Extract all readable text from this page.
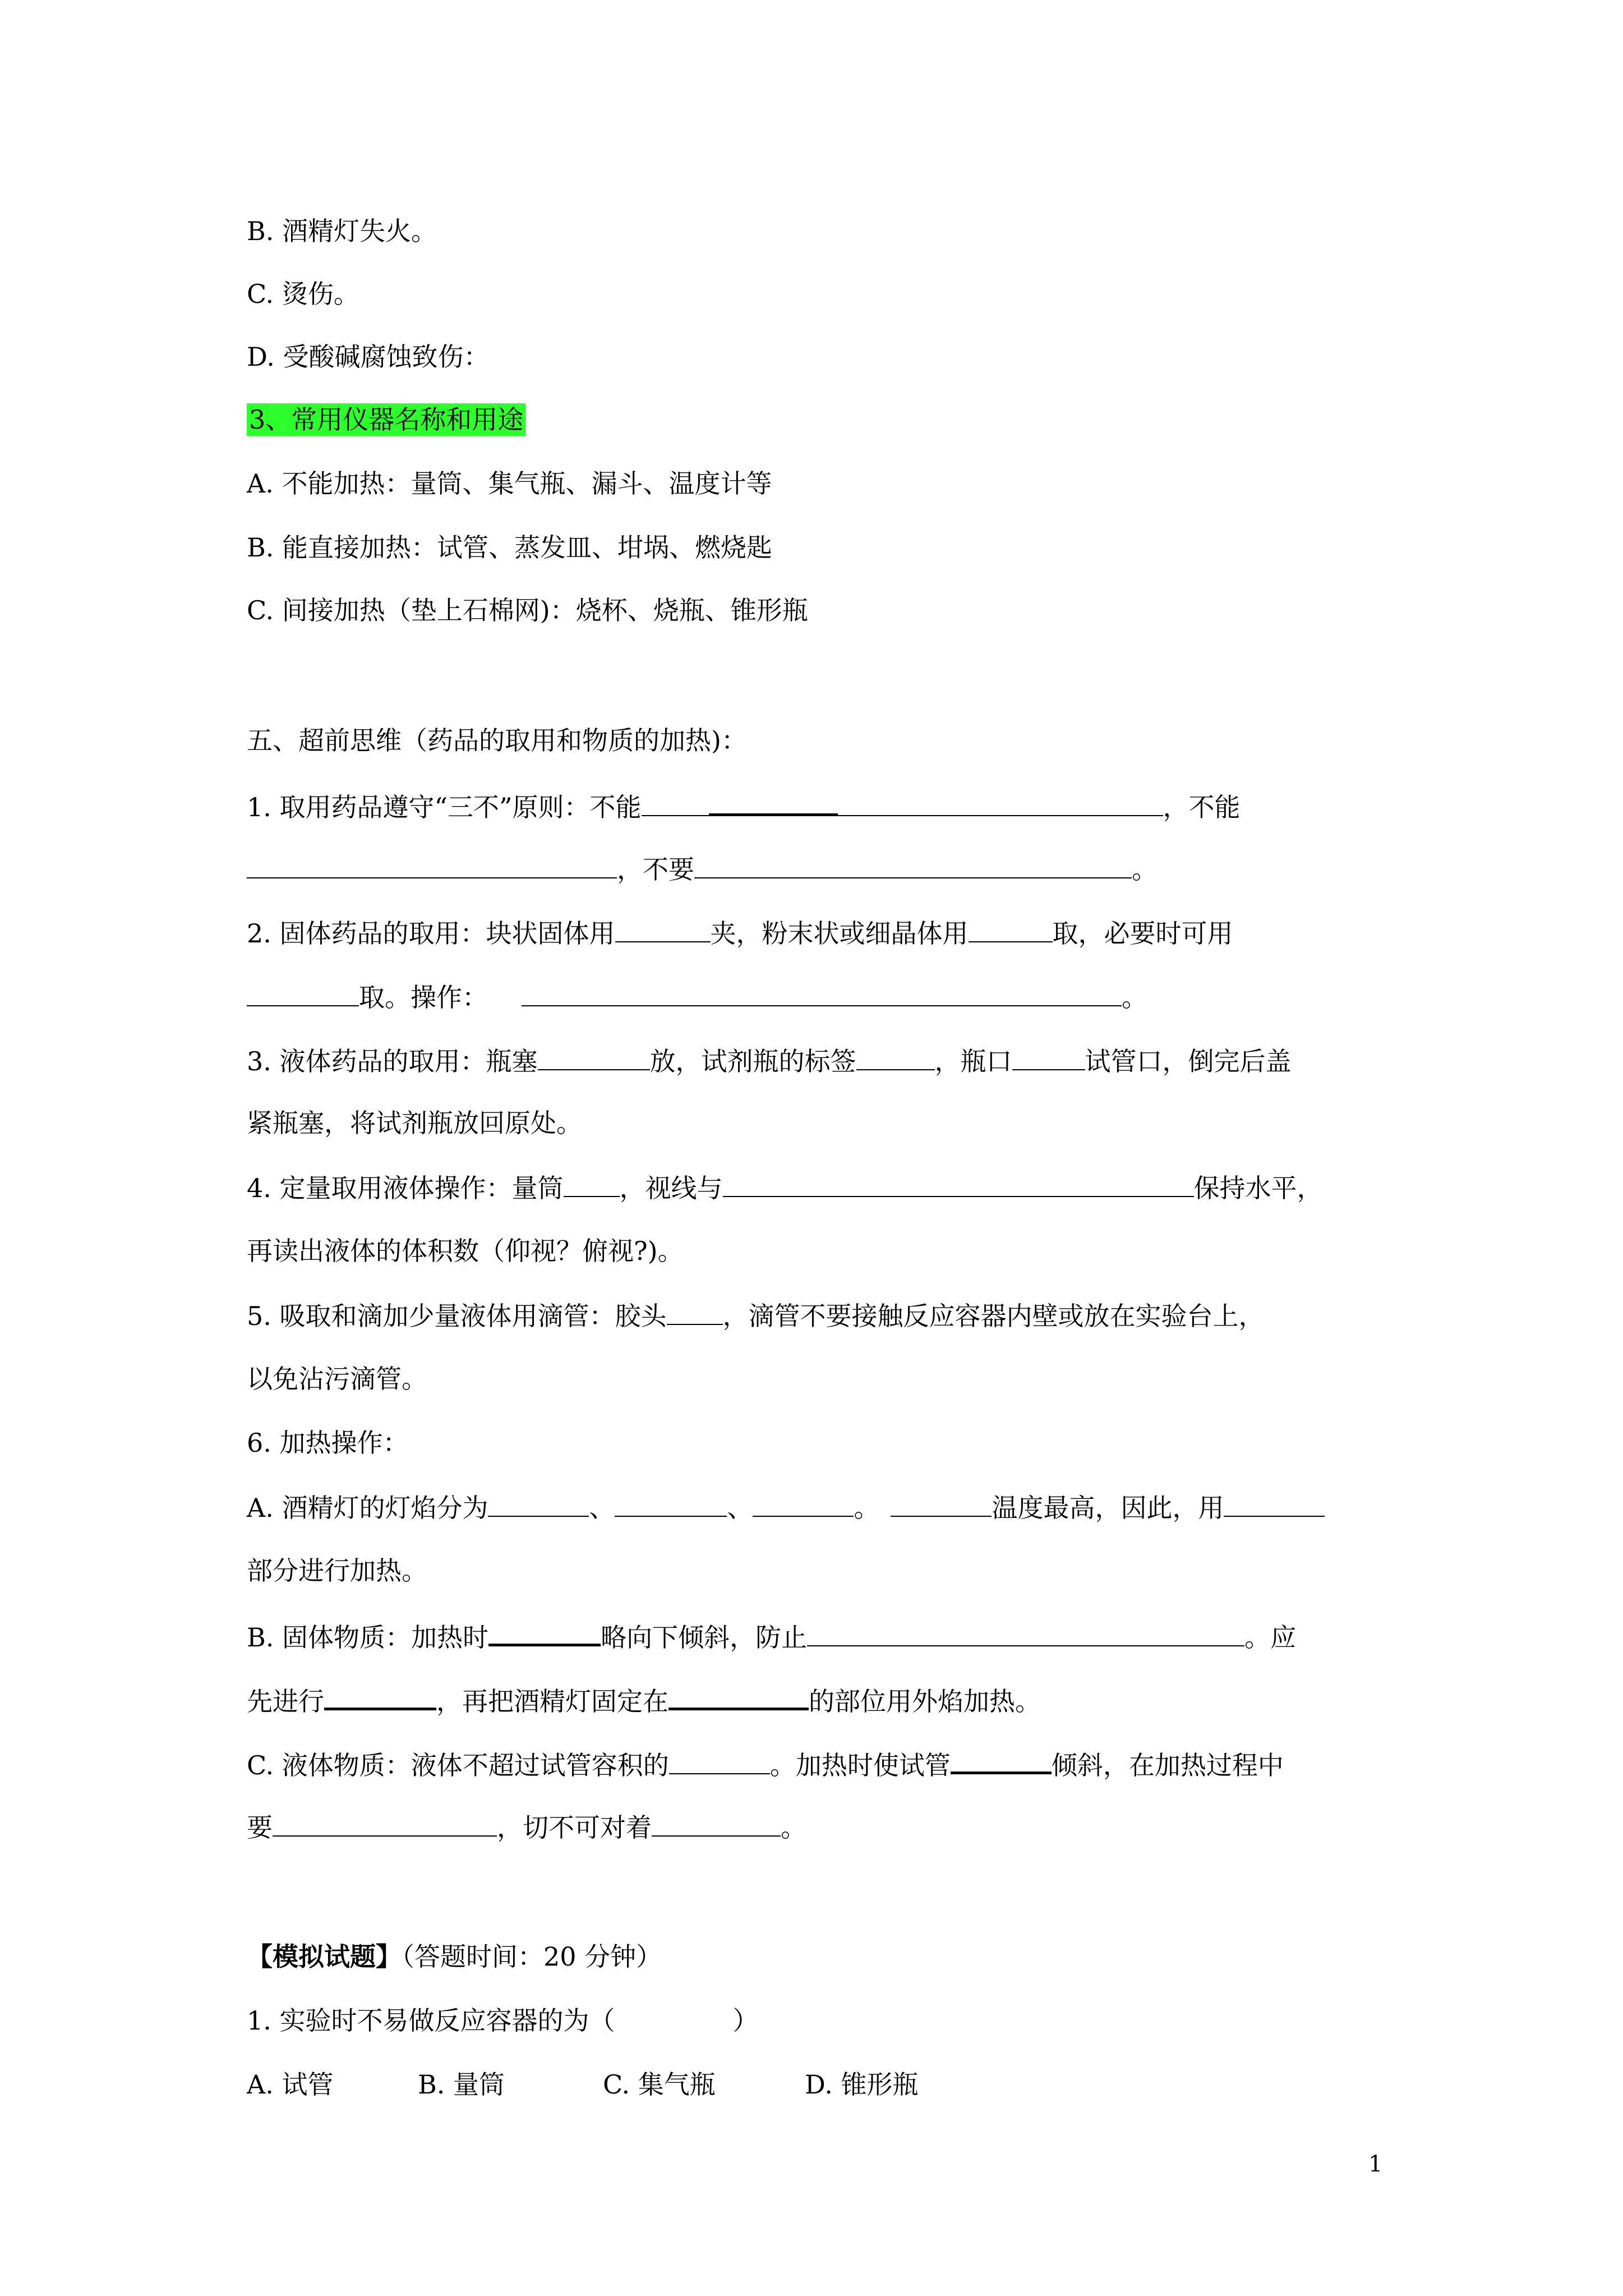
B. 酒精灯失火。
C. 烫伤。
D. 受酸碱腐蚀致伤：
3、常用仪器名称和用途
A. 不能加热：量筒、集气瓶、漏斗、温度计等
B. 能直接加热：试管、蒸发皿、坩埚、燃烧匙
C. 间接加热（垫上石棉网)：烧杯、烧瓶、锥形瓶
五、超前思维（药品的取用和物质的加热)：
1. 取用药品遵守“三不”原则：不能	，不能
，不要	。
2. 固体药品的取用：块状固体用	夹，粉末状或细晶体用	取，必要时可用
取。操作：	。
3. 液体药品的取用：瓶塞	放，试剂瓶的标签	，瓶口	试管口，倒完后盖
紧瓶塞，将试剂瓶放回原处。
4. 定量取用液体操作：量筒 ，视线与	保持水平，
再读出液体的体积数（仰视？俯视?)。
5. 吸取和滴加少量液体用滴管：胶头 ，滴管不要接触反应容器内壁或放在实验台上，
以免沾污滴管。
6. 加热操作：
A. 酒精灯的灯焰分为	、	、	。	温度最高，因此，用
部分进行加热。
B. 固体物质：加热时	略向下倾斜，防止	。应
先进行	，再把酒精灯固定在	的部位用外焰加热。
C. 液体物质：液体不超过试管容积的	。加热时使试管	倾斜，在加热过程中
要	，切不可对着	。
【模拟试题】（答题时间：20 分钟）
1. 实验时不易做反应容器的为（	）
A. 试管	B. 量筒	C. 集气瓶	D. 锥形瓶
1
